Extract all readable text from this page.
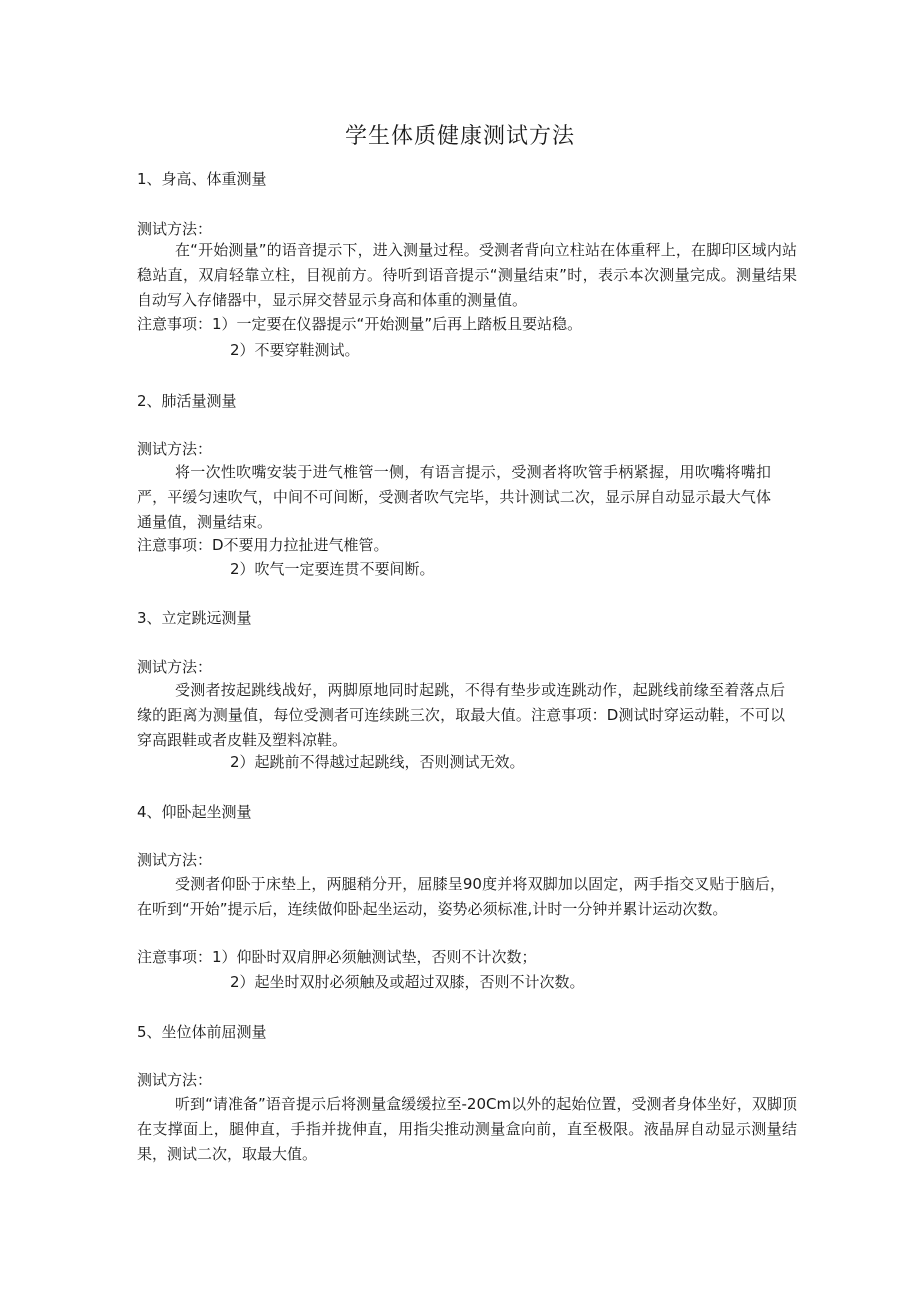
学生体质健康测试方法
1、身高、体重测量

测试方法：

在“开始测量”的语音提示下，进入测量过程。受测者背向立柱站在体重秤上，在脚印区域内站稳站直，双肩轻靠立柱，目视前方。待听到语音提示“测量结束”时，表示本次测量完成。测量结果自动写入存储器中，显示屏交替显示身高和体重的测量值。

注意事项：1）一定要在仪器提示“开始测量”后再上踏板且要站稳。

2）不要穿鞋测试。

2、肺活量测量

测试方法：

将一次性吹嘴安装于进气椎管一侧，有语言提示，受测者将吹管手柄紧握，用吹嘴将嘴扣严，平缓匀速吹气，中间不可间断，受测者吹气完毕，共计测试二次，显示屏自动显示最大气体通量值，测量结束。

注意事项：D不要用力拉扯进气椎管。

2）吹气一定要连贯不要间断。

3、立定跳远测量

测试方法：

受测者按起跳线战好，两脚原地同时起跳，不得有垫步或连跳动作，起跳线前缘至着落点后缘的距离为测量值，每位受测者可连续跳三次，取最大值。注意事项：D测试时穿运动鞋，不可以穿高跟鞋或者皮鞋及塑料凉鞋。

2）起跳前不得越过起跳线，否则测试无效。

4、仰卧起坐测量

测试方法：

受测者仰卧于床垫上，两腿稍分开，屈膝呈90度并将双脚加以固定，两手指交叉贴于脑后，在听到“开始”提示后，连续做仰卧起坐运动，姿势必须标准,计时一分钟并累计运动次数。

注意事项：1）仰卧时双肩胛必须触测试垫，否则不计次数；

2）起坐时双肘必须触及或超过双膝，否则不计次数。

5、坐位体前屈测量

测试方法：

听到“请准备”语音提示后将测量盒缓缓拉至-20Cm以外的起始位置，受测者身体坐好，双脚顶在支撑面上，腿伸直，手指并拢伸直，用指尖推动测量盒向前，直至极限。液晶屏自动显示测量结果，测试二次，取最大值。
